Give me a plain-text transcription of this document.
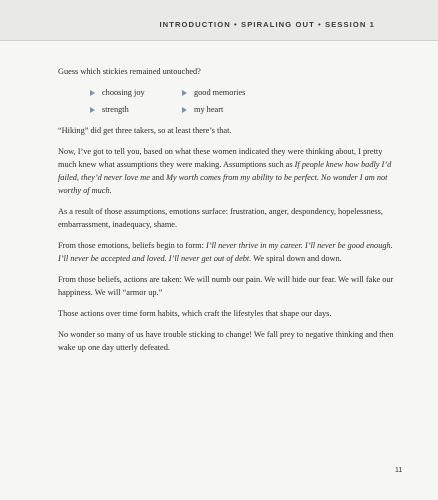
INTRODUCTION • SPIRALING OUT • SESSION 1

Guess which stickies remained untouched?

choosing joy	good memories
strength	my heart

“Hiking” did get three takers, so at least there’s that.

Now, I’ve got to tell you, based on what these women indicated they were thinking about, I pretty much knew what assumptions they were making. Assumptions such as If people knew how badly I’d failed, they’d never love me and My worth comes from my ability to be perfect. No wonder I am not worthy of much.

As a result of those assumptions, emotions surface: frustration, anger, despondency, hopelessness, embarrassment, inadequacy, shame.

From those emotions, beliefs begin to form: I’ll never thrive in my career. I’ll never be good enough. I’ll never be accepted and loved. I’ll never get out of debt. We spiral down and down.

From those beliefs, actions are taken: We will numb our pain. We will hide our fear. We will fake our happiness. We will “armor up.”

Those actions over time form habits, which craft the lifestyles that shape our days.

No wonder so many of us have trouble sticking to change! We fall prey to negative thinking and then wake up one day utterly defeated.

11
